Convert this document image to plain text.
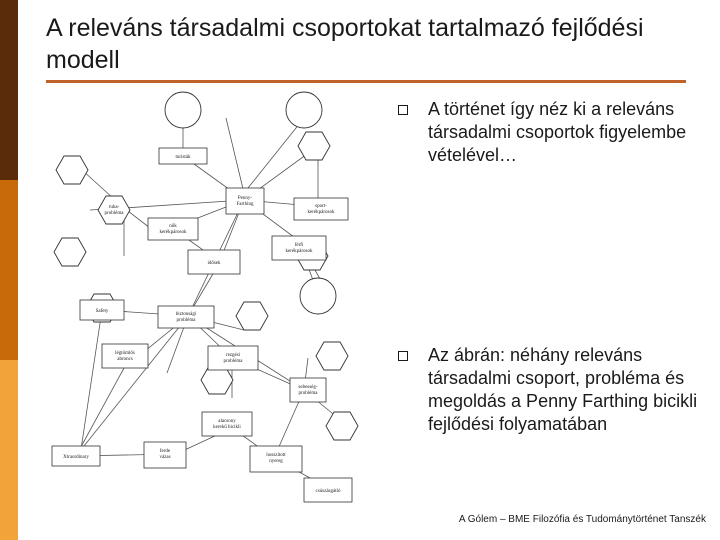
A releváns társadalmi csoportokat tartalmazó fejlődési modell
turisták
Penny-Farthing	sport-kerékpárosok
nők kerékpárosok
idősek
férfi kerékpárosok
biztonsági probléma
Safety
légtömlős abroncs
rezgési probléma
sebesség-probléma
alacsony kerekű bicikli
Xtraordinary
ferde vázas	hosszított nyereg
csúszásgátló
ruha-probléma
A történet így néz ki a releváns társadalmi csoportok figyelembe vételével…
Az ábrán: néhány releváns társadalmi csoport, probléma és megoldás a Penny Farthing bicikli fejlődési folyamatában
A Gólem – BME Filozófia és Tudománytörténet Tanszék
